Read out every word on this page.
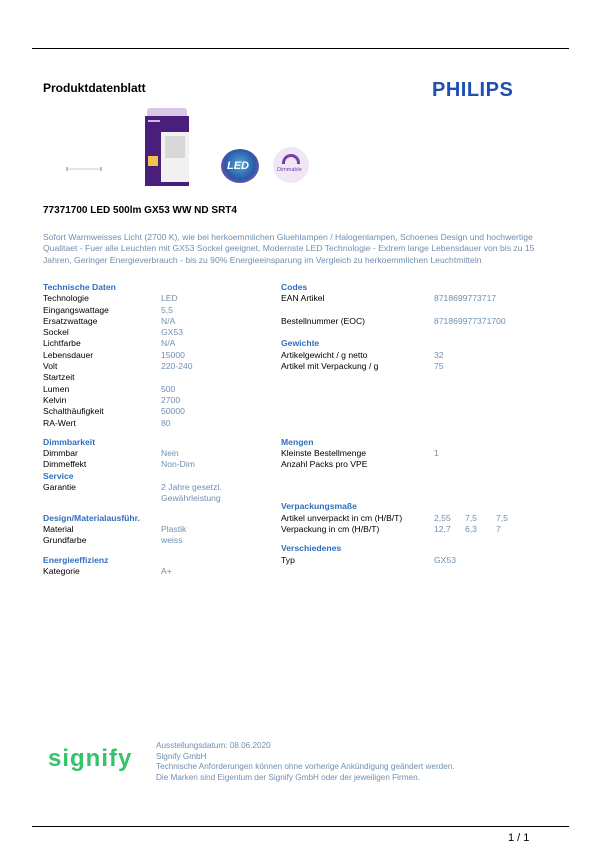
Produktdatenblatt	PHILIPS
LED	Dimmable
77371700 LED 500lm GX53 WW ND SRT4
Sofort Warmweisses Licht (2700 K), wie bei herkoemmlichen Gluehlampen / Halogenlampen, Schoenes Design und hochwertige Qualitaet - Fuer alle Leuchten mit GX53 Sockel geeignet, Modernste LED Technologie - Extrem lange Lebensdauer von bis zu 15 Jahren, Geringer Energieverbrauch - bis zu 90% Energieeinsparung im Vergleich zu herkoemmlichen Leuchtmitteln
Technische Daten
Technologie	LED
Eingangswattage	5,5
Ersatzwattage	N/A
Sockel	GX53
Lichtfarbe	N/A
Lebensdauer	15000
Volt	220-240
Startzeit
Lumen	500
Kelvin	2700
Schalthäufigkeit	50000
RA-Wert	80
Dimmbarkeit
Dimmbar	Nein
Dimmeffekt	Non-Dim
Service
Garantie	2 Jahre gesetzl.
Gewährleistung
Design/Materialausführ.
Material	Plastik
Grundfarbe	weiss
Energieeffizienz
Kategorie	A+
Codes
EAN Artikel	8718699773717
Bestellnummer (EOC)	871869977371700
Gewichte
Artikelgewicht / g netto	32
Artikel mit Verpackung / g	75
Mengen
Kleinste Bestellmenge	1
Anzahl Packs pro VPE
Verpackungsmaße
Artikel unverpackt in cm (H/B/T)	2,55 7,5 7,5
Verpackung in cm (H/B/T)	12,7 6,3 7
Verschiedenes
Typ	GX53
signify	Ausstellungsdatum: 08.06.2020
Signify GmbH
Technische Anforderungen können ohne vorherige Ankündigung geändert werden.
Die Marken sind Eigentum der Signify GmbH oder der jeweiligen Firmen.
1 / 1
